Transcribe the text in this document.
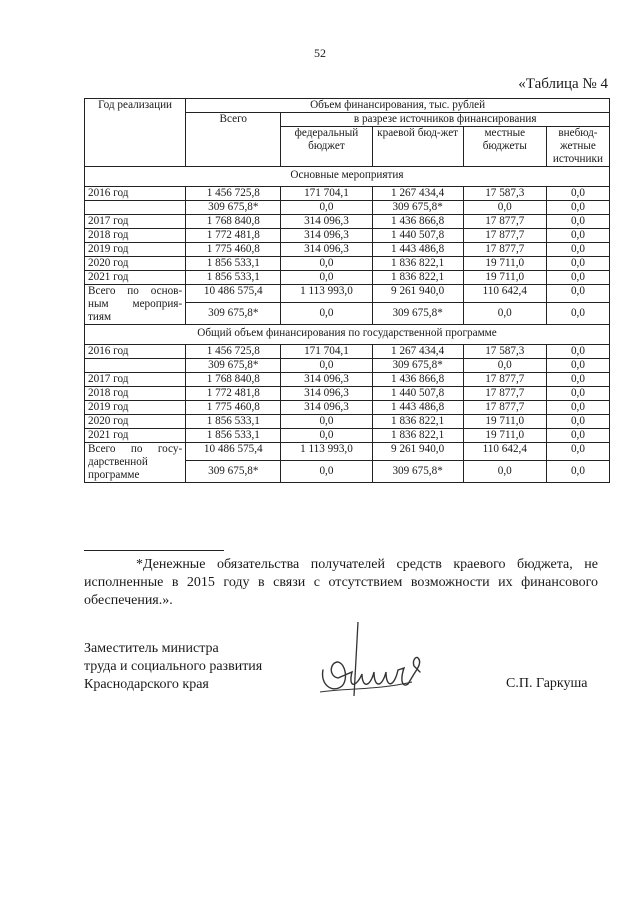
52
«Таблица № 4
Год реализации	Объем финансирования, тыс. рублей				
	Всего	в разрезе источников финансирования			
		федеральный бюджет	краевой бюд-жет	местные бюджеты	внебюд-жетные источники
Основные мероприятия					
2016 год	1 456 725,8	171 704,1	1 267 434,4	17 587,3	0,0
	309 675,8*	0,0	309 675,8*	0,0	0,0
2017 год	1 768 840,8	314 096,3	1 436 866,8	17 877,7	0,0
2018 год	1 772 481,8	314 096,3	1 440 507,8	17 877,7	0,0
2019 год	1 775 460,8	314 096,3	1 443 486,8	17 877,7	0,0
2020 год	1 856 533,1	0,0	1 836 822,1	19 711,0	0,0
2021 год	1 856 533,1	0,0	1 836 822,1	19 711,0	0,0

Всего по основ-
ным мероприя-
тиям	10 486 575,4	1 113 993,0	9 261 940,0	110 642,4	0,0
	309 675,8*	0,0	309 675,8*	0,0	0,0
Общий объем финансирования по государственной программе					
2016 год	1 456 725,8	171 704,1	1 267 434,4	17 587,3	0,0
	309 675,8*	0,0	309 675,8*	0,0	0,0
2017 год	1 768 840,8	314 096,3	1 436 866,8	17 877,7	0,0
2018 год	1 772 481,8	314 096,3	1 440 507,8	17 877,7	0,0
2019 год	1 775 460,8	314 096,3	1 443 486,8	17 877,7	0,0
2020 год	1 856 533,1	0,0	1 836 822,1	19 711,0	0,0
2021 год	1 856 533,1	0,0	1 836 822,1	19 711,0	0,0

Всего по госу-
дарственной
программе	10 486 575,4	1 113 993,0	9 261 940,0	110 642,4	0,0
	309 675,8*	0,0	309 675,8*	0,0	0,0
*Денежные обязательства получателей средств краевого бюджета, не исполненные в 2015 году в связи с отсутствием возможности их финансового обеспечения.».
Заместитель министра
труда и социального развития
Краснодарского края	С.П. Гаркуша
